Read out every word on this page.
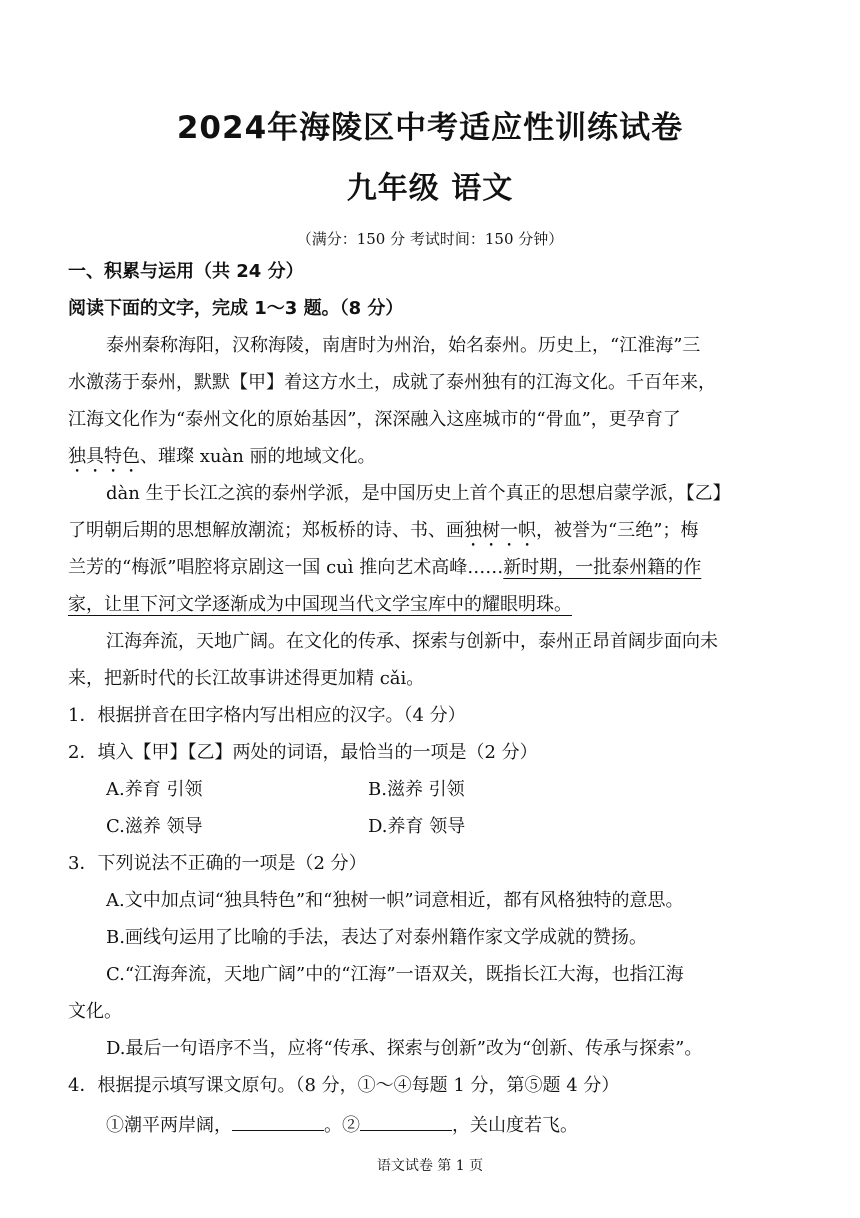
2024年海陵区中考适应性训练试卷
九年级 语文
（满分：150 分 考试时间：150 分钟）
一、积累与运用（共 24 分）
阅读下面的文字，完成 1～3 题。（8 分）
泰州秦称海阳，汉称海陵，南唐时为州治，始名泰州。历史上，“江淮海”三
水激荡于泰州，默默【甲】着这方水土，成就了泰州独有的江海文化。千百年来，
江海文化作为“泰州文化的原始基因”，深深融入这座城市的“骨血”，更孕育了
独具特色、璀璨 xuàn 丽的地域文化。
dàn 生于长江之滨的泰州学派，是中国历史上首个真正的思想启蒙学派，【乙】
了明朝后期的思想解放潮流；郑板桥的诗、书、画独树一帜，被誉为“三绝”；梅
兰芳的“梅派”唱腔将京剧这一国 cuì 推向艺术高峰……新时期，一批泰州籍的作
家，让里下河文学逐渐成为中国现当代文学宝库中的耀眼明珠。
江海奔流，天地广阔。在文化的传承、探索与创新中，泰州正昂首阔步面向未
来，把新时代的长江故事讲述得更加精 cǎi。
1．根据拼音在田字格内写出相应的汉字。（4 分）
2．填入【甲】【乙】两处的词语，最恰当的一项是（2 分）
A.养育 引领	B.滋养 引领
C.滋养 领导	D.养育 领导
3．下列说法不正确的一项是（2 分）
A.文中加点词“独具特色”和“独树一帜”词意相近，都有风格独特的意思。
B.画线句运用了比喻的手法，表达了对泰州籍作家文学成就的赞扬。
C.“江海奔流，天地广阔”中的“江海”一语双关，既指长江大海，也指江海
文化。
D.最后一句语序不当，应将“传承、探索与创新”改为“创新、传承与探索”。
4．根据提示填写课文原句。（8 分，①～④每题 1 分，第⑤题 4 分）
①潮平两岸阔，	。②	，关山度若飞。
语文试卷 第 1 页
